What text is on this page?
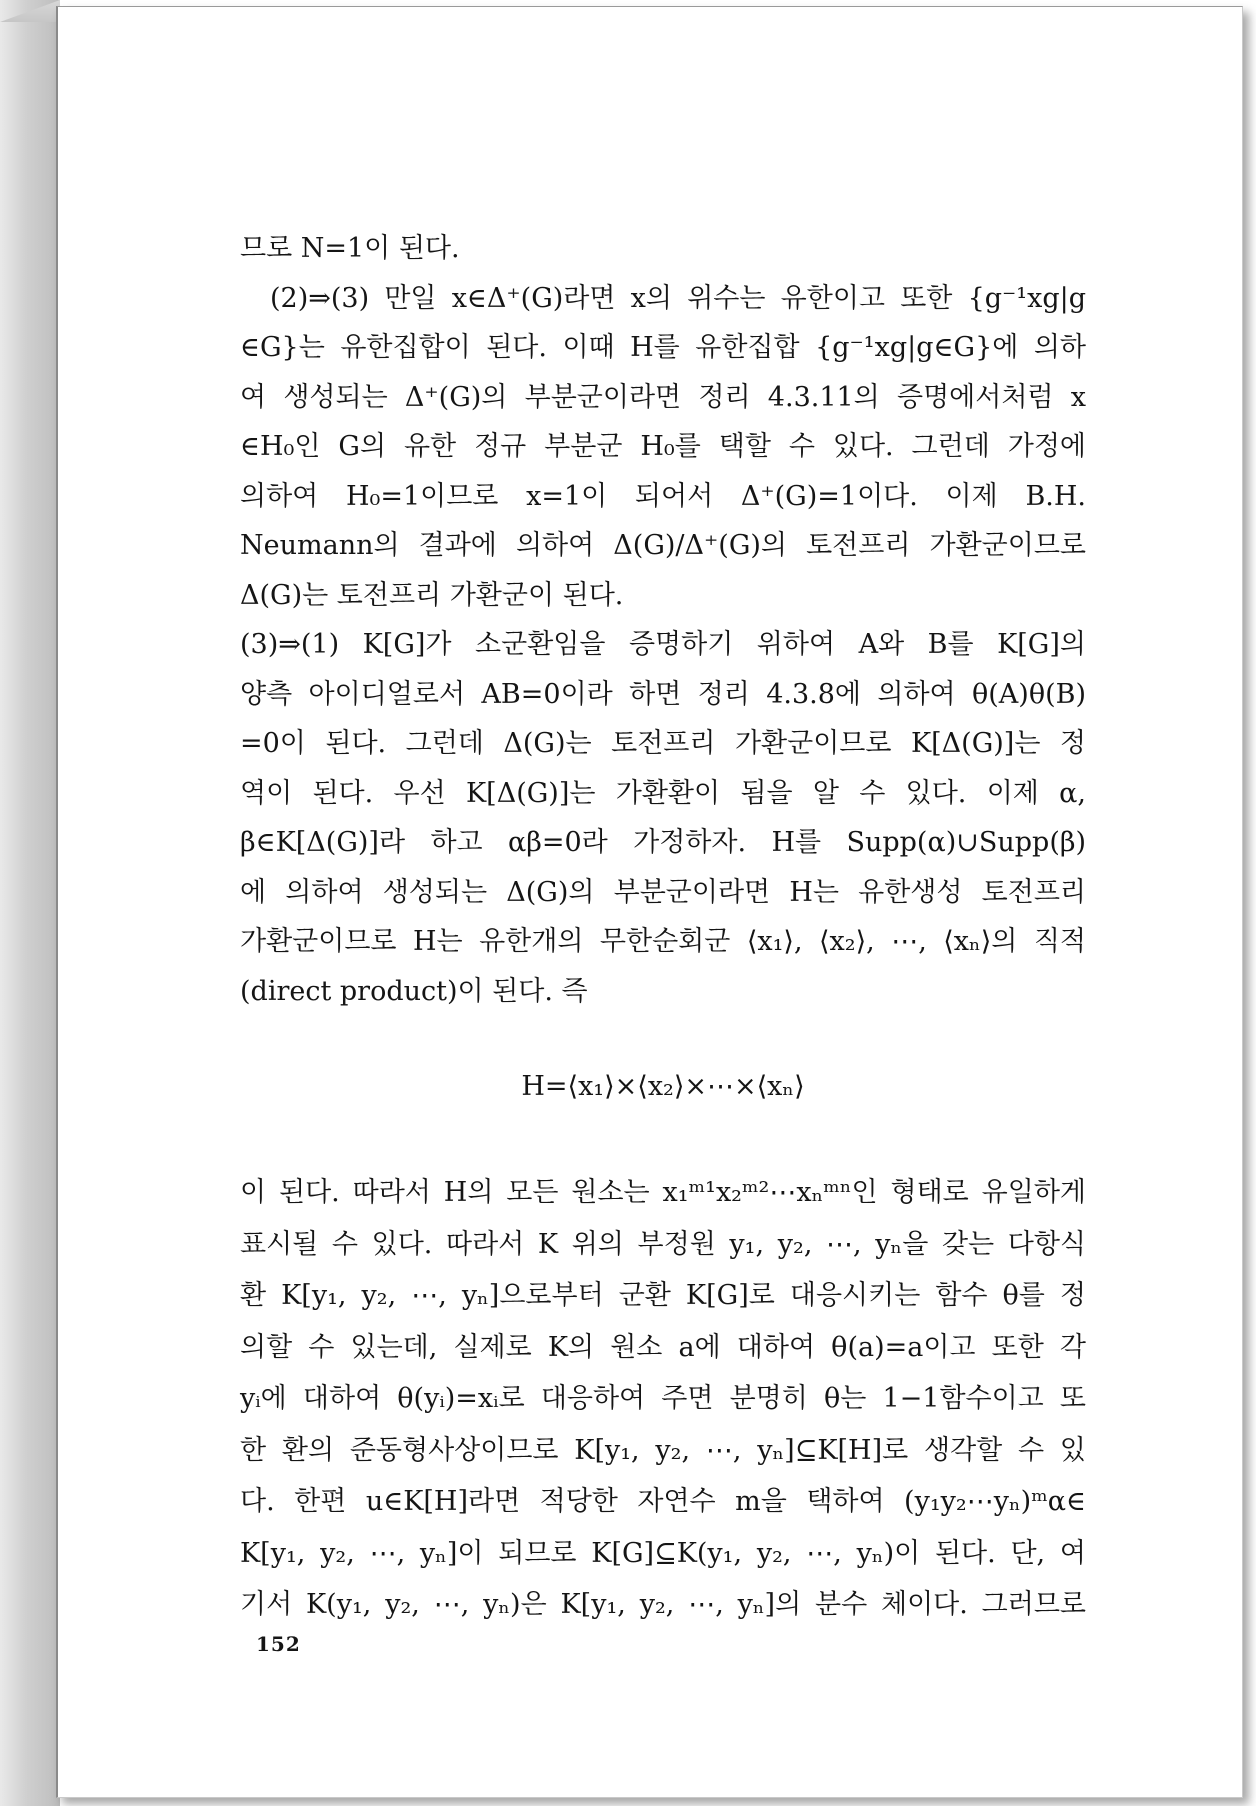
므로 N=1이 된다.
(2)⇒(3) 만일 x∈Δ⁺(G)라면 x의 위수는 유한이고 또한 {g⁻¹xg|g
∈G}는 유한집합이 된다. 이때 H를 유한집합 {g⁻¹xg|g∈G}에 의하
여 생성되는 Δ⁺(G)의 부분군이라면 정리 4.3.11의 증명에서처럼 x
∈H₀인 G의 유한 정규 부분군 H₀를 택할 수 있다. 그런데 가정에
의하여 H₀=1이므로 x=1이 되어서 Δ⁺(G)=1이다. 이제 B.H.
Neumann의 결과에 의하여 Δ(G)/Δ⁺(G)의 토전프리 가환군이므로
Δ(G)는 토전프리 가환군이 된다.
(3)⇒(1) K[G]가 소군환임을 증명하기 위하여 A와 B를 K[G]의
양측 아이디얼로서 AB=0이라 하면 정리 4.3.8에 의하여 θ(A)θ(B)
=0이 된다. 그런데 Δ(G)는 토전프리 가환군이므로 K[Δ(G)]는 정
역이 된다. 우선 K[Δ(G)]는 가환환이 됨을 알 수 있다. 이제 α,
β∈K[Δ(G)]라 하고 αβ=0라 가정하자. H를 Supp(α)∪Supp(β)
에 의하여 생성되는 Δ(G)의 부분군이라면 H는 유한생성 토전프리
가환군이므로 H는 유한개의 무한순회군 ⟨x₁⟩, ⟨x₂⟩, ⋯, ⟨xₙ⟩의 직적
(direct product)이 된다. 즉
H=⟨x₁⟩×⟨x₂⟩×⋯×⟨xₙ⟩
이 된다. 따라서 H의 모든 원소는 x₁ᵐ¹x₂ᵐ²⋯xₙᵐⁿ인 형태로 유일하게
표시될 수 있다. 따라서 K 위의 부정원 y₁, y₂, ⋯, yₙ을 갖는 다항식
환 K[y₁, y₂, ⋯, yₙ]으로부터 군환 K[G]로 대응시키는 함수 θ를 정
의할 수 있는데, 실제로 K의 원소 a에 대하여 θ(a)=a이고 또한 각
yᵢ에 대하여 θ(yᵢ)=xᵢ로 대응하여 주면 분명히 θ는 1−1함수이고 또
한 환의 준동형사상이므로 K[y₁, y₂, ⋯, yₙ]⊆K[H]로 생각할 수 있
다. 한편 u∈K[H]라면 적당한 자연수 m을 택하여 (y₁y₂⋯yₙ)ᵐα∈
K[y₁, y₂, ⋯, yₙ]이 되므로 K[G]⊆K(y₁, y₂, ⋯, yₙ)이 된다. 단, 여
기서 K(y₁, y₂, ⋯, yₙ)은 K[y₁, y₂, ⋯, yₙ]의 분수 체이다. 그러므로
152
